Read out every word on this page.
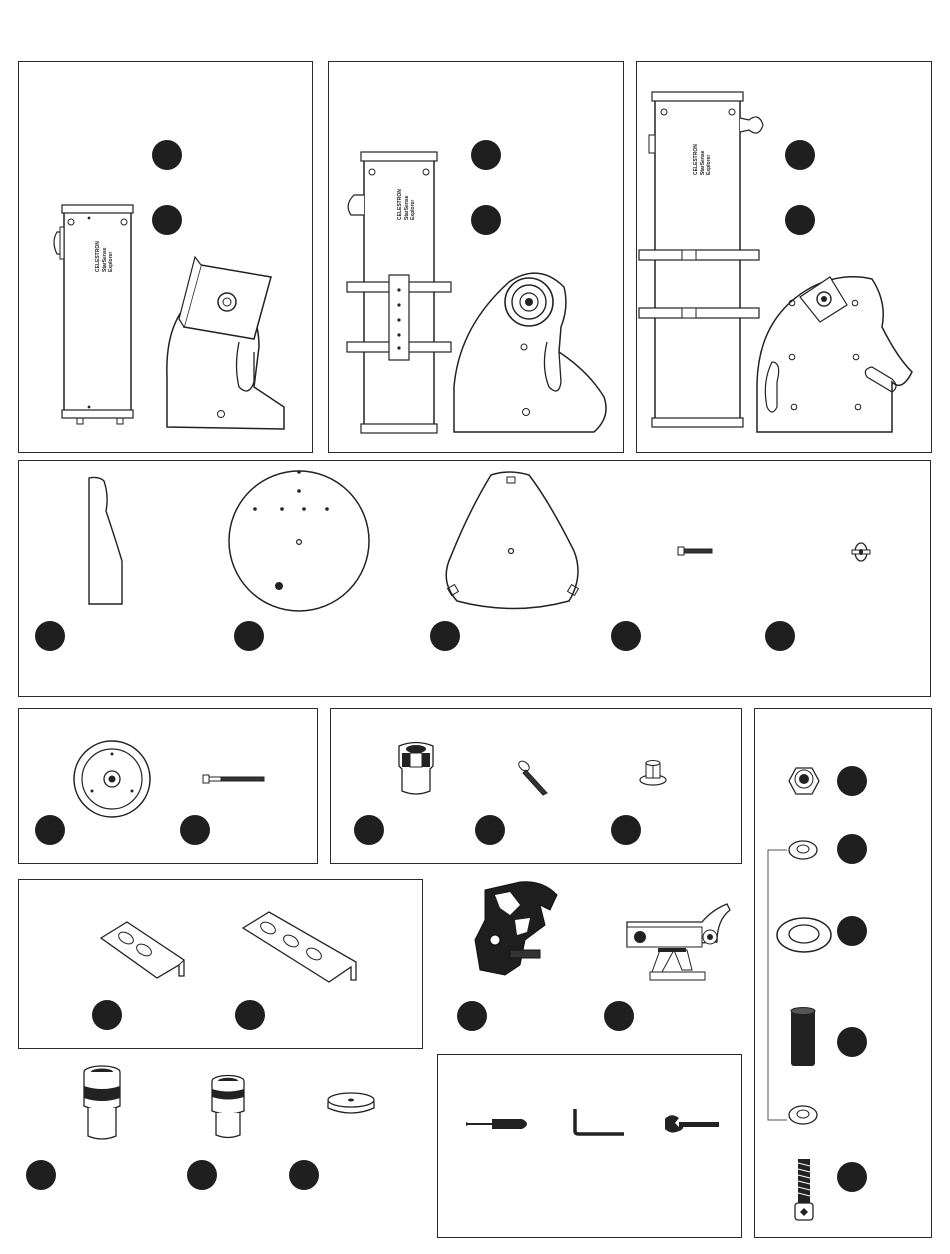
CELESTRON StarSense Explorer
CELESTRON StarSense Explorer
CELESTRON StarSense Explorer
